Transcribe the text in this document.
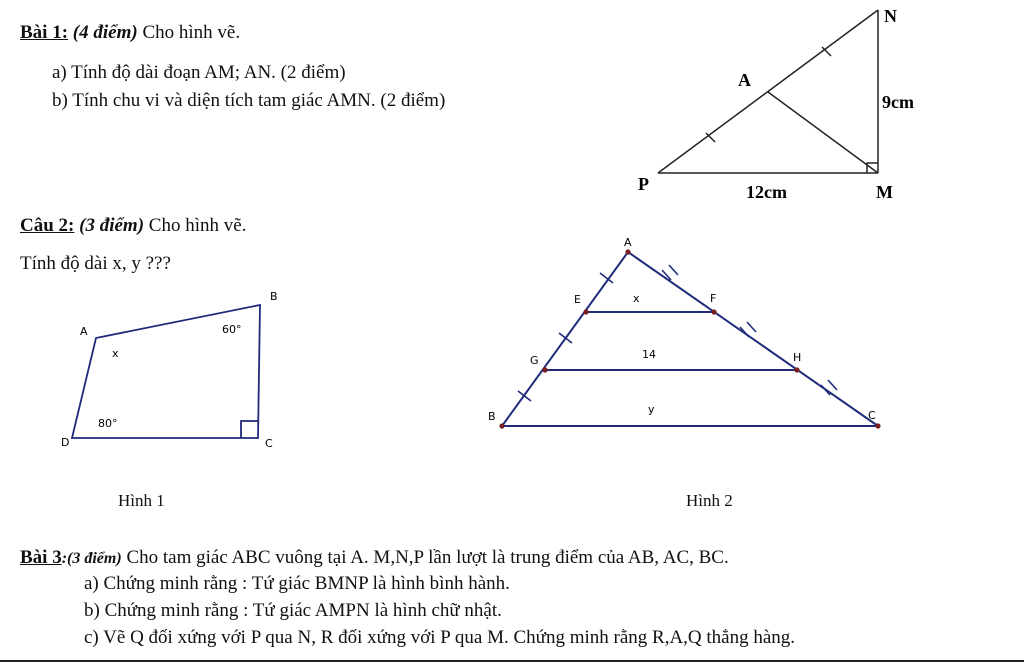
Bài 1: (4 điểm) Cho hình vẽ.
a) Tính độ dài đoạn AM; AN. (2 điểm)
b) Tính chu vi và diện tích tam giác AMN. (2 điểm)
Câu 2: (3 điểm) Cho hình vẽ.
Tính độ dài x, y ???
N
A
P	M
9cm
12cm
A
B
C
D
60°
80°
x
A
E	F
G	H
B	C
x
14
y
Hình 1	Hình 2
Bài 3:(3 điểm) Cho tam giác ABC vuông tại A. M,N,P lần lượt là trung điểm của AB, AC, BC.
a) Chứng minh rằng : Tứ giác BMNP là hình bình hành.
b) Chứng minh rằng : Tứ giác AMPN là hình chữ nhật.
c) Vẽ Q đối xứng với P qua N, R đối xứng với P qua M. Chứng minh rằng R,A,Q thẳng hàng.
